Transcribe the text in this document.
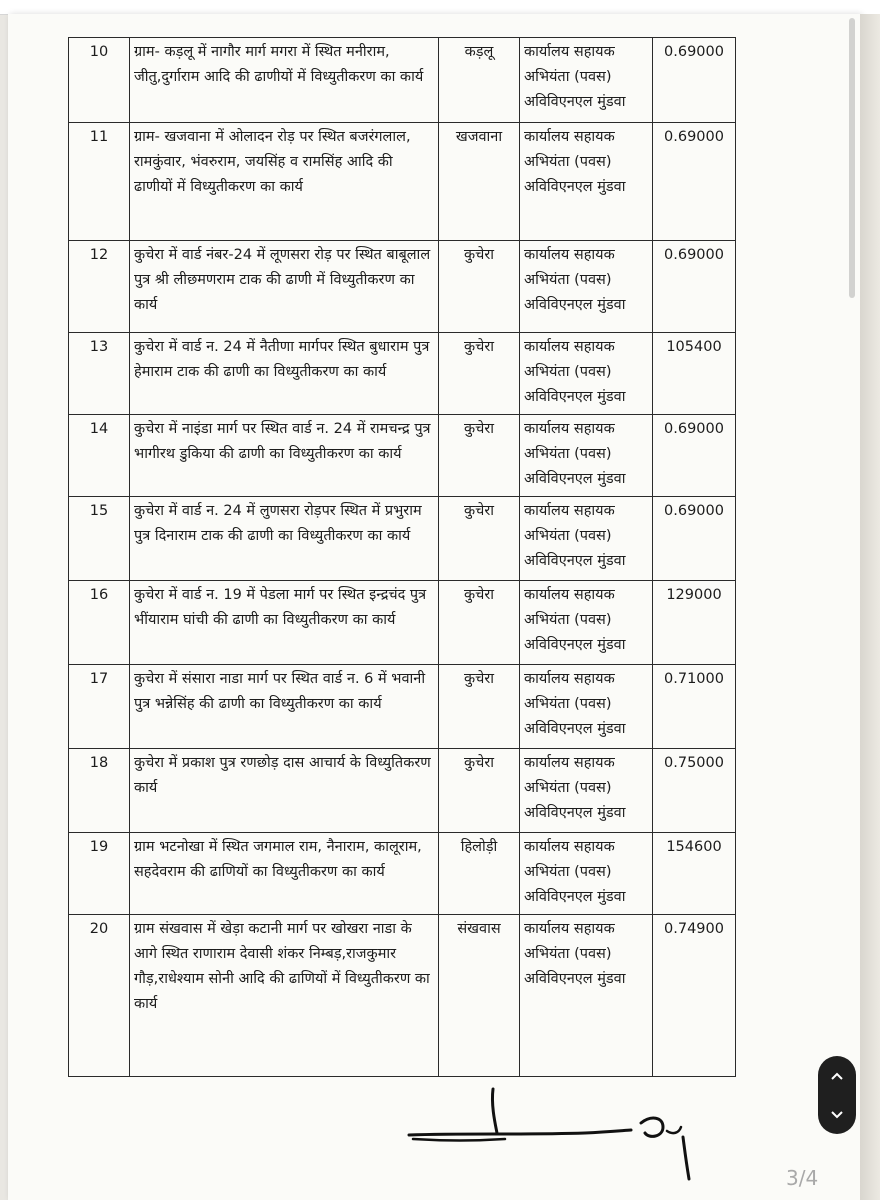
10	ग्राम- कड़लू में नागौर मार्ग मगरा में स्थित मनीराम, जीतु,दुर्गाराम आदि की ढाणीयों में विध्युतीकरण का कार्य	कड़लू	कार्यालय सहायक
अभियंता (पवस)
अविविएनएल मुंडवा	0.69000
11	ग्राम- खजवाना में ओलादन रोड़ पर स्थित बजरंगलाल, रामकुंवार, भंवरुराम, जयसिंह व रामसिंह आदि की ढाणीयों में विध्युतीकरण का कार्य	खजवाना	कार्यालय सहायक
अभियंता (पवस)
अविविएनएल मुंडवा	0.69000
12	कुचेरा में वार्ड नंबर-24 में लूणसरा रोड़ पर स्थित बाबूलाल पुत्र श्री लीछमणराम टाक की ढाणी में विध्युतीकरण का कार्य	कुचेरा	कार्यालय सहायक
अभियंता (पवस)
अविविएनएल मुंडवा	0.69000
13	कुचेरा में वार्ड न. 24 में नैतीणा मार्गपर स्थित बुधाराम पुत्र हेमाराम टाक की ढाणी का विध्युतीकरण का कार्य	कुचेरा	कार्यालय सहायक
अभियंता (पवस)
अविविएनएल मुंडवा	105400
14	कुचेरा में नाइंडा मार्ग पर स्थित वार्ड न. 24 में रामचन्द्र पुत्र भागीरथ डुकिया की ढाणी का विध्युतीकरण का कार्य	कुचेरा	कार्यालय सहायक
अभियंता (पवस)
अविविएनएल मुंडवा	0.69000
15	कुचेरा में वार्ड न. 24 में लुणसरा रोड़पर स्थित में प्रभुराम पुत्र दिनाराम टाक की ढाणी का विध्युतीकरण का कार्य	कुचेरा	कार्यालय सहायक
अभियंता (पवस)
अविविएनएल मुंडवा	0.69000
16	कुचेरा में वार्ड न. 19 में पेडला मार्ग पर स्थित इन्द्रचंद पुत्र भींयाराम घांची की ढाणी का विध्युतीकरण का कार्य	कुचेरा	कार्यालय सहायक
अभियंता (पवस)
अविविएनएल मुंडवा	129000
17	कुचेरा में संसारा नाडा मार्ग पर स्थित वार्ड न. 6 में भवानी पुत्र भन्नेसिंह की ढाणी का विध्युतीकरण का कार्य	कुचेरा	कार्यालय सहायक
अभियंता (पवस)
अविविएनएल मुंडवा	0.71000
18	कुचेरा में प्रकाश पुत्र रणछोड़ दास आचार्य के विध्युतिकरण कार्य	कुचेरा	कार्यालय सहायक
अभियंता (पवस)
अविविएनएल मुंडवा	0.75000
19	ग्राम भटनोखा में स्थित जगमाल राम, नैनाराम, कालूराम, सहदेवराम की ढाणियों का विध्युतीकरण का कार्य	हिलोड़ी	कार्यालय सहायक
अभियंता (पवस)
अविविएनएल मुंडवा	154600
20	ग्राम संखवास में खेड़ा कटानी मार्ग पर खोखरा नाडा के आगे स्थित राणाराम देवासी शंकर निम्बड़,राजकुमार गौड़,राधेश्याम सोनी आदि की ढाणियों में विध्युतीकरण का कार्य	संखवास	कार्यालय सहायक
अभियंता (पवस)
अविविएनएल मुंडवा	0.74900
3/4
